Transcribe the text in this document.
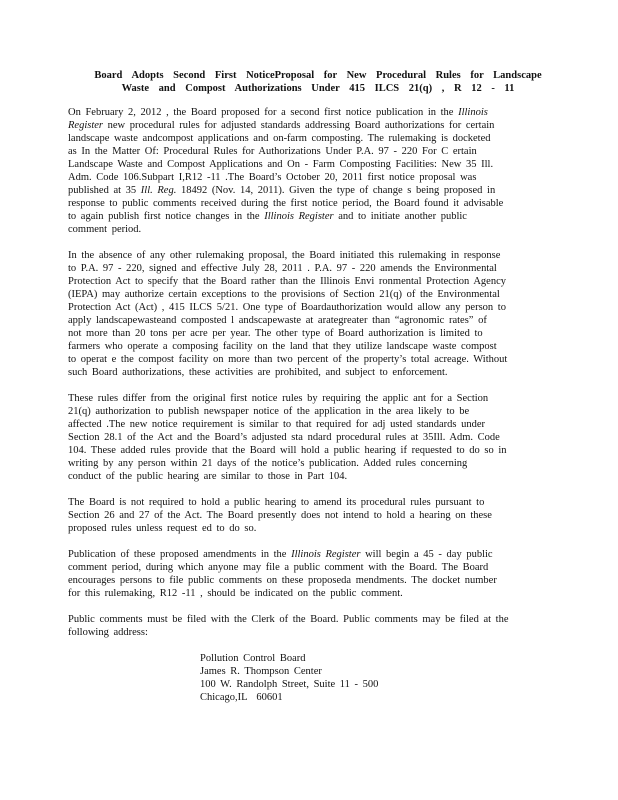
Board Adopts Second First NoticeProposal for New Procedural Rules for Landscape
Waste and Compost Authorizations Under 415 ILCS 21(q) , R 12 - 11
On February 2, 2012 , the Board proposed for a second first notice publication in the Illinois
Register new procedural rules for adjusted standards addressing Board authorizations for certain
landscape waste andcompost applications and on-farm composting. The rulemaking is docketed
as In the Matter Of: Procedural Rules for Authorizations Under P.A. 97 - 220 For C ertain
Landscape Waste and Compost Applications and On - Farm Composting Facilities: New 35 Ill.
Adm. Code 106.Subpart I,R12 -11 .The Board’s October 20, 2011 first notice proposal was
published at 35 Ill. Reg. 18492 (Nov. 14, 2011). Given the type of change s being proposed in
response to public comments received during the first notice period, the Board found it advisable
to again publish first notice changes in the Illinois Register and to initiate another public
comment period.
In the absence of any other rulemaking proposal, the Board initiated this rulemaking in response
to P.A. 97 - 220, signed and effective July 28, 2011 . P.A. 97 - 220 amends the Environmental
Protection Act to specify that the Board rather than the Illinois Envi ronmental Protection Agency
(IEPA) may authorize certain exceptions to the provisions of Section 21(q) of the Environmental
Protection Act (Act) , 415 ILCS 5/21. One type of Boardauthorization would allow any person to
apply landscapewasteand composted l andscapewaste at arategreater than “agronomic rates” of
not more than 20 tons per acre per year. The other type of Board authorization is limited to
farmers who operate a composing facility on the land that they utilize landscape waste compost
to operat e the compost facility on more than two percent of the property’s total acreage. Without
such Board authorizations, these activities are prohibited, and subject to enforcement.
These rules differ from the original first notice rules by requiring the applic ant for a Section
21(q) authorization to publish newspaper notice of the application in the area likely to be
affected .The new notice requirement is similar to that required for adj usted standards under
Section 28.1 of the Act and the Board’s adjusted sta ndard procedural rules at 35Ill. Adm. Code
104. These added rules provide that the Board will hold a public hearing if requested to do so in
writing by any person within 21 days of the notice’s publication. Added rules concerning
conduct of the public hearing are similar to those in Part 104.
The Board is not required to hold a public hearing to amend its procedural rules pursuant to
Section 26 and 27 of the Act. The Board presently does not intend to hold a hearing on these
proposed rules unless request ed to do so.
Publication of these proposed amendments in the Illinois Register will begin a 45 - day public
comment period, during which anyone may file a public comment with the Board. The Board
encourages persons to file public comments on these proposeda mendments. The docket number
for this rulemaking, R12 -11 , should be indicated on the public comment.
Public comments must be filed with the Clerk of the Board. Public comments may be filed at the
following address:
Pollution Control Board
James R. Thompson Center
100 W. Randolph Street, Suite 11 - 500
Chicago,IL  60601
